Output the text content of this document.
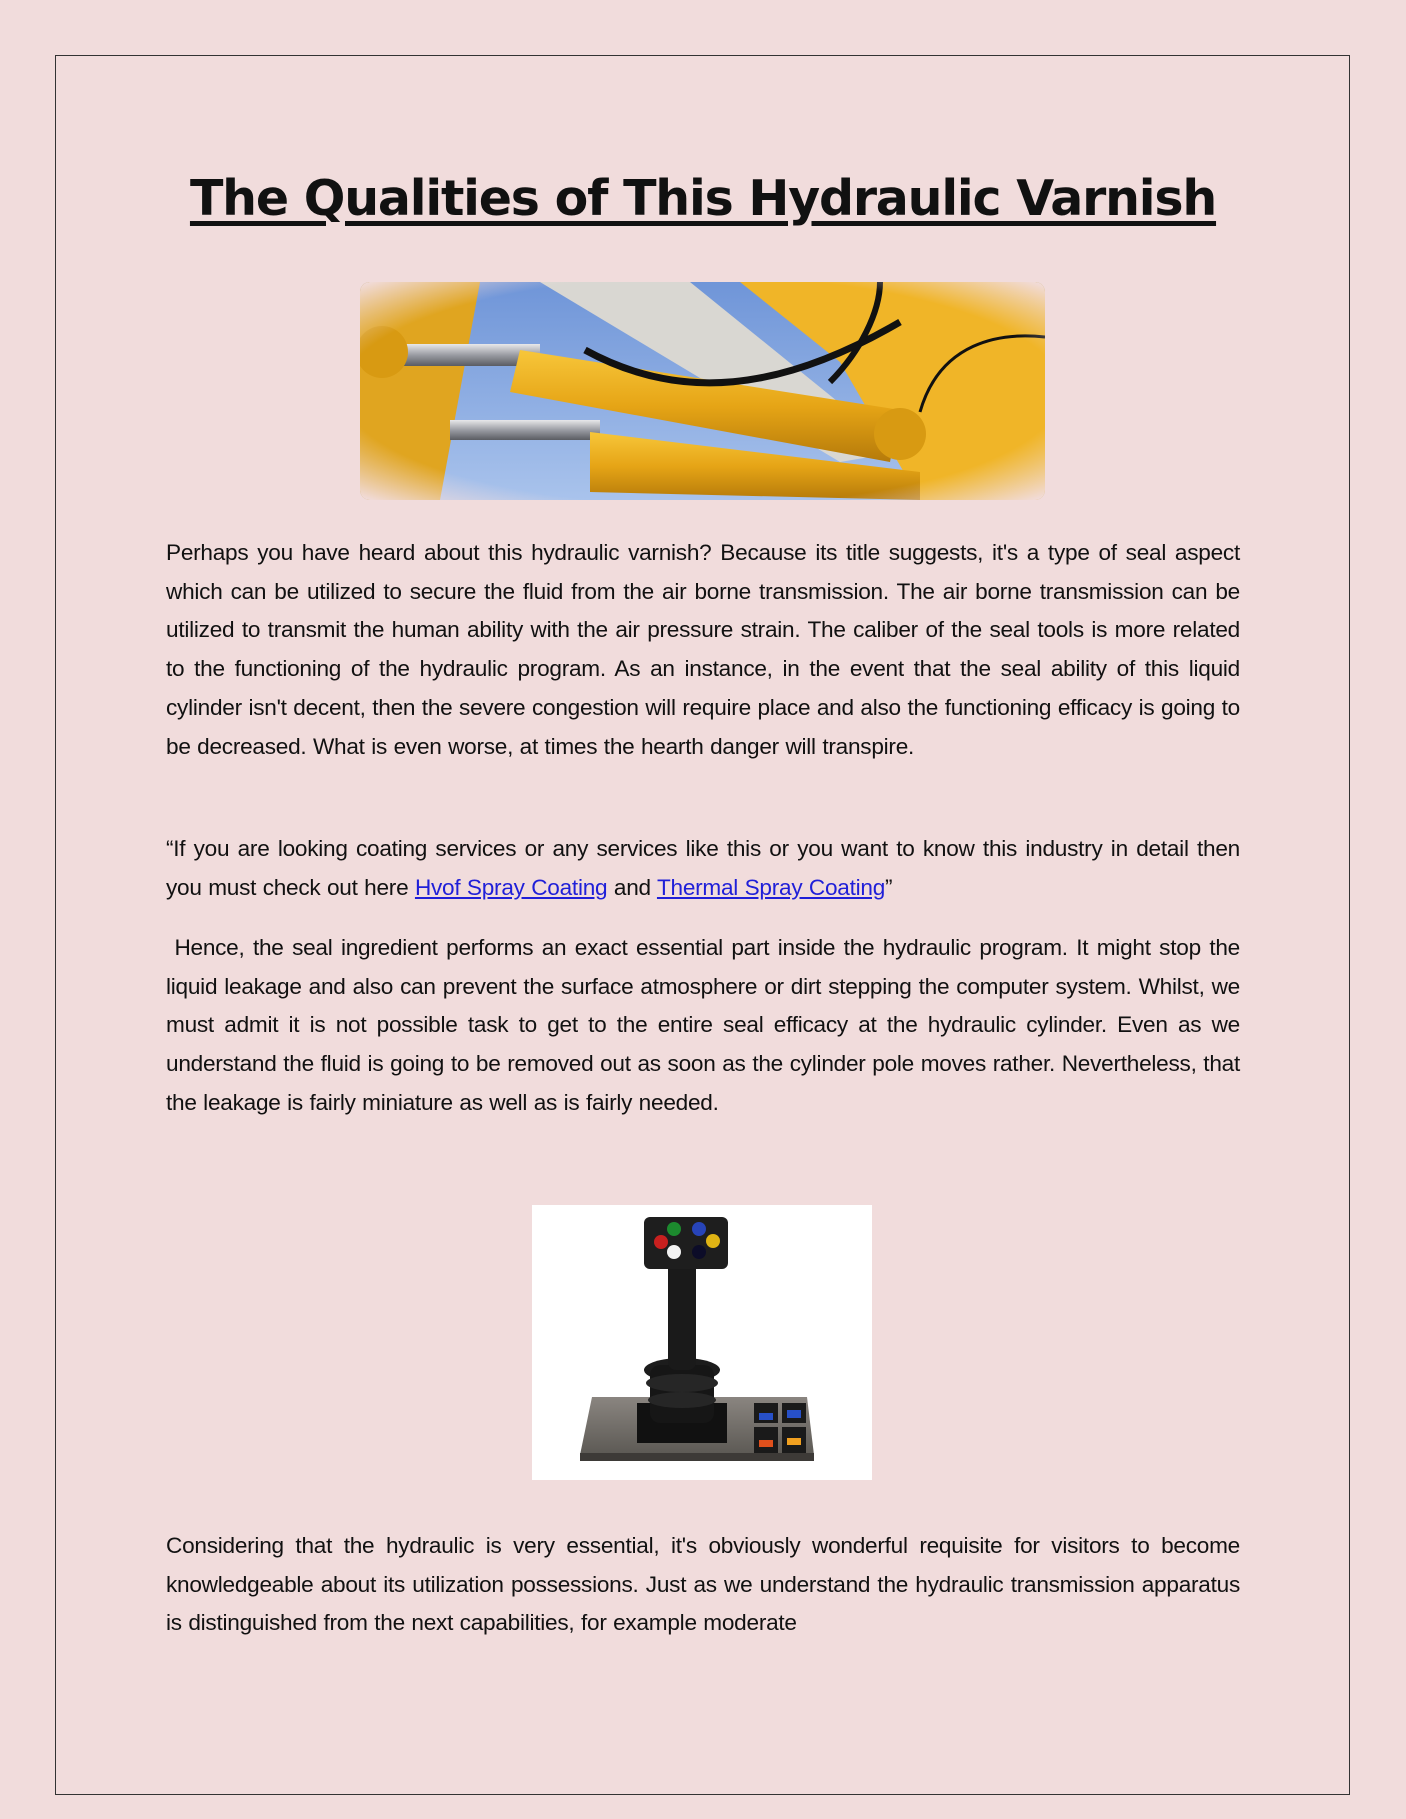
The Qualities of This Hydraulic Varnish

Perhaps you have heard about this hydraulic varnish? Because its title suggests, it's a type of seal aspect which can be utilized to secure the fluid from the air borne transmission. The air borne transmission can be utilized to transmit the human ability with the air pressure strain. The caliber of the seal tools is more related to the functioning of the hydraulic program. As an instance, in the event that the seal ability of this liquid cylinder isn't decent, then the severe congestion will require place and also the functioning efficacy is going to be decreased. What is even worse, at times the hearth danger will transpire.

“If you are looking coating services or any services like this or you want to know this industry in detail then you must check out here Hvof Spray Coating and Thermal Spray Coating”

Hence, the seal ingredient performs an exact essential part inside the hydraulic program. It might stop the liquid leakage and also can prevent the surface atmosphere or dirt stepping the computer system. Whilst, we must admit it is not possible task to get to the entire seal efficacy at the hydraulic cylinder. Even as we understand the fluid is going to be removed out as soon as the cylinder pole moves rather. Nevertheless, that the leakage is fairly miniature as well as is fairly needed.

Considering that the hydraulic is very essential, it's obviously wonderful requisite for visitors to become knowledgeable about its utilization possessions. Just as we understand the hydraulic transmission apparatus is distinguished from the next capabilities, for example moderate
